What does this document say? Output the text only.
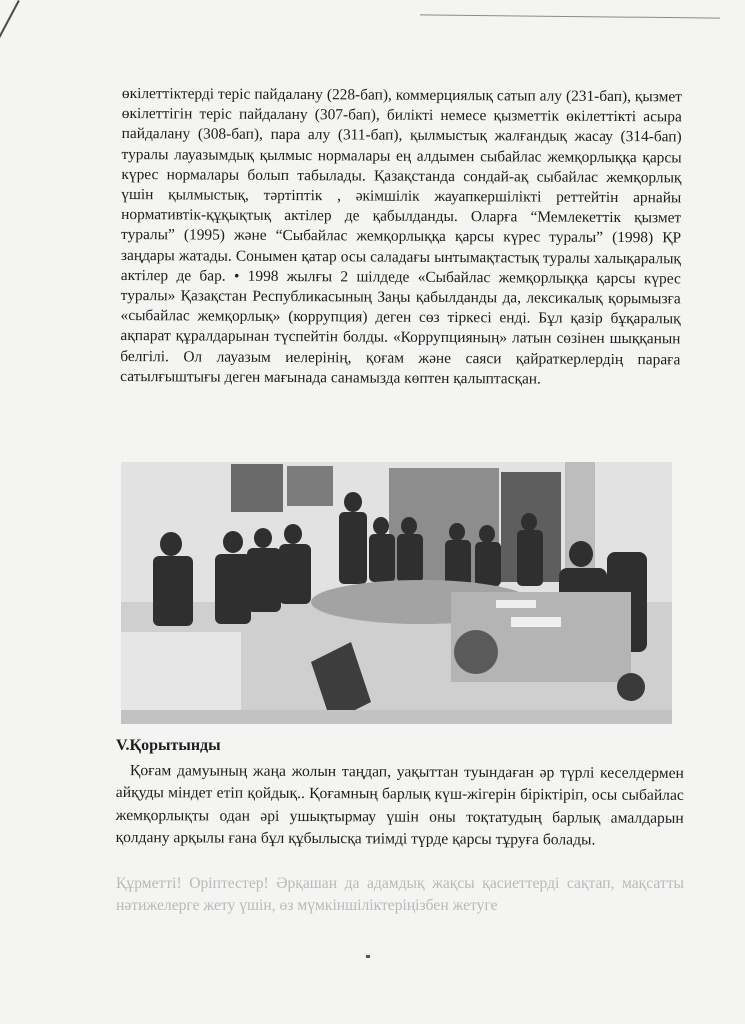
өкілеттіктерді теріс пайдалану (228-бап), коммерциялық сатып алу (231-бап), қызмет өкілеттігін теріс пайдалану (307-бап), билікті немесе қызметтік өкілеттікті асыра пайдалану (308-бап), пара алу (311-бап), қылмыстық жалғандық жасау (314-бап) туралы лауазымдық қылмыс нормалары ең алдымен сыбайлас жемқорлыққа қарсы күрес нормалары болып табылады. Қазақстанда сондай-ақ сыбайлас жемқорлық үшін қылмыстық, тәртіптік , әкімшілік жауапкершілікті реттейтін арнайы нормативтік-құқықтық актілер де қабылданды. Оларға “Мемлекеттік қызмет туралы” (1995) және “Сыбайлас жемқорлыққа қарсы күрес туралы” (1998) ҚР заңдары жатады. Сонымен қатар осы саладағы ынтымақтастық туралы халықаралық актілер де бар. • 1998 жылғы 2 шілдеде «Сыбайлас жемқорлыққа қарсы күрес туралы» Қазақстан Республикасының Заңы қабылданды да, лексикалық қорымызға «сыбайлас жемқорлық» (коррупция) деген сөз тіркесі енді. Бұл қазір бұқаралық ақпарат құралдарынан түспейтін болды. «Коррупцияның» латын сөзінен шыққанын белгілі. Ол лауазым иелерінің, қоғам және саяси қайраткерлердің параға сатылғыштығы деген мағынада санамызда көптен қалыптасқан.

V.Қорытынды

Қоғам дамуының жаңа жолын таңдап, уақыттан туындаған әр түрлі кеселдермен айқуды міндет етіп қойдық.. Қоғамның барлық күш-жігерін біріктіріп, осы сыбайлас жемқорлықты одан әрі ушықтырмау үшін оны тоқтатудың барлық амалдарын қолдану арқылы ғана бұл құбылысқа тиімді түрде қарсы тұруға болады.

Құрметті! Оріптестер! Әрқашан да адамдық жақсы қасиеттерді сақтап, мақсатты нәтижелерге жету үшін, өз мүмкіншіліктеріңізбен жетуге
